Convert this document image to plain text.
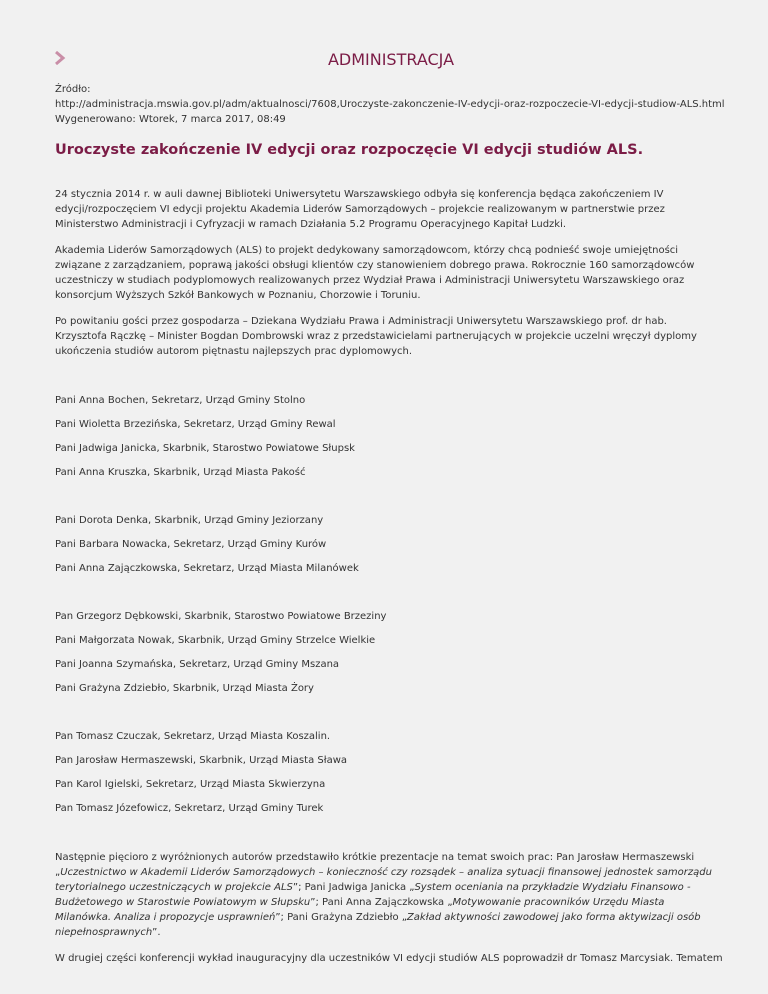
ADMINISTRACJA

Źródło:

http://administracja.mswia.gov.pl/adm/aktualnosci/7608,Uroczyste-zakonczenie-IV-edycji-oraz-rozpoczecie-VI-edycji-studiow-ALS.html

Wygenerowano: Wtorek, 7 marca 2017, 08:49

Uroczyste zakończenie IV edycji oraz rozpoczęcie VI edycji studiów ALS.

24 stycznia 2014 r. w auli dawnej Biblioteki Uniwersytetu Warszawskiego odbyła się konferencja będąca zakończeniem IV edycji/rozpoczęciem VI edycji projektu Akademia Liderów Samorządowych – projekcie realizowanym w partnerstwie przez Ministerstwo Administracji i Cyfryzacji w ramach Działania 5.2 Programu Operacyjnego Kapitał Ludzki.

Akademia Liderów Samorządowych (ALS) to projekt dedykowany samorządowcom, którzy chcą podnieść swoje umiejętności związane z zarządzaniem, poprawą jakości obsługi klientów czy stanowieniem dobrego prawa. Rokrocznie 160 samorządowców uczestniczy w studiach podyplomowych realizowanych przez Wydział Prawa i Administracji Uniwersytetu Warszawskiego oraz konsorcjum Wyższych Szkół Bankowych w Poznaniu, Chorzowie i Toruniu.

Po powitaniu gości przez gospodarza – Dziekana Wydziału Prawa i Administracji Uniwersytetu Warszawskiego prof. dr hab. Krzysztofa Rączkę – Minister Bogdan Dombrowski wraz z przedstawicielami partnerujących w projekcie uczelni wręczył dyplomy ukończenia studiów autorom piętnastu najlepszych prac dyplomowych.

Pani Anna Bochen, Sekretarz, Urząd Gminy Stolno

Pani Wioletta Brzezińska, Sekretarz, Urząd Gminy Rewal

Pani Jadwiga Janicka, Skarbnik, Starostwo Powiatowe Słupsk

Pani Anna Kruszka, Skarbnik, Urząd Miasta Pakość

Pani Dorota Denka, Skarbnik, Urząd Gminy Jeziorzany

Pani Barbara Nowacka, Sekretarz, Urząd Gminy Kurów

Pani Anna Zajączkowska, Sekretarz, Urząd Miasta Milanówek

Pan Grzegorz Dębkowski, Skarbnik, Starostwo Powiatowe Brzeziny

Pani Małgorzata Nowak, Skarbnik, Urząd Gminy Strzelce Wielkie

Pani Joanna Szymańska, Sekretarz, Urząd Gminy Mszana

Pani Grażyna Zdziebło, Skarbnik, Urząd Miasta Żory

Pan Tomasz Czuczak, Sekretarz, Urząd Miasta Koszalin.

Pan Jarosław Hermaszewski, Skarbnik, Urząd Miasta Sława

Pan Karol Igielski, Sekretarz, Urząd Miasta Skwierzyna

Pan Tomasz Józefowicz, Sekretarz, Urząd Gminy Turek

Następnie pięcioro z wyróżnionych autorów przedstawiło krótkie prezentacje na temat swoich prac: Pan Jarosław Hermaszewski „Uczestnictwo w Akademii Liderów Samorządowych – konieczność czy rozsądek – analiza sytuacji finansowej jednostek samorządu terytorialnego uczestniczących w projekcie ALS”; Pani Jadwiga Janicka „System oceniania na przykładzie Wydziału Finansowo - Budżetowego w Starostwie Powiatowym w Słupsku”; Pani Anna Zajączkowska „Motywowanie pracowników Urzędu Miasta Milanówka. Analiza i propozycje usprawnień”; Pani Grażyna Zdziebło „Zakład aktywności zawodowej jako forma aktywizacji osób niepełnosprawnych”.

W drugiej części konferencji wykład inauguracyjny dla uczestników VI edycji studiów ALS poprowadził dr Tomasz Marcysiak. Tematem
